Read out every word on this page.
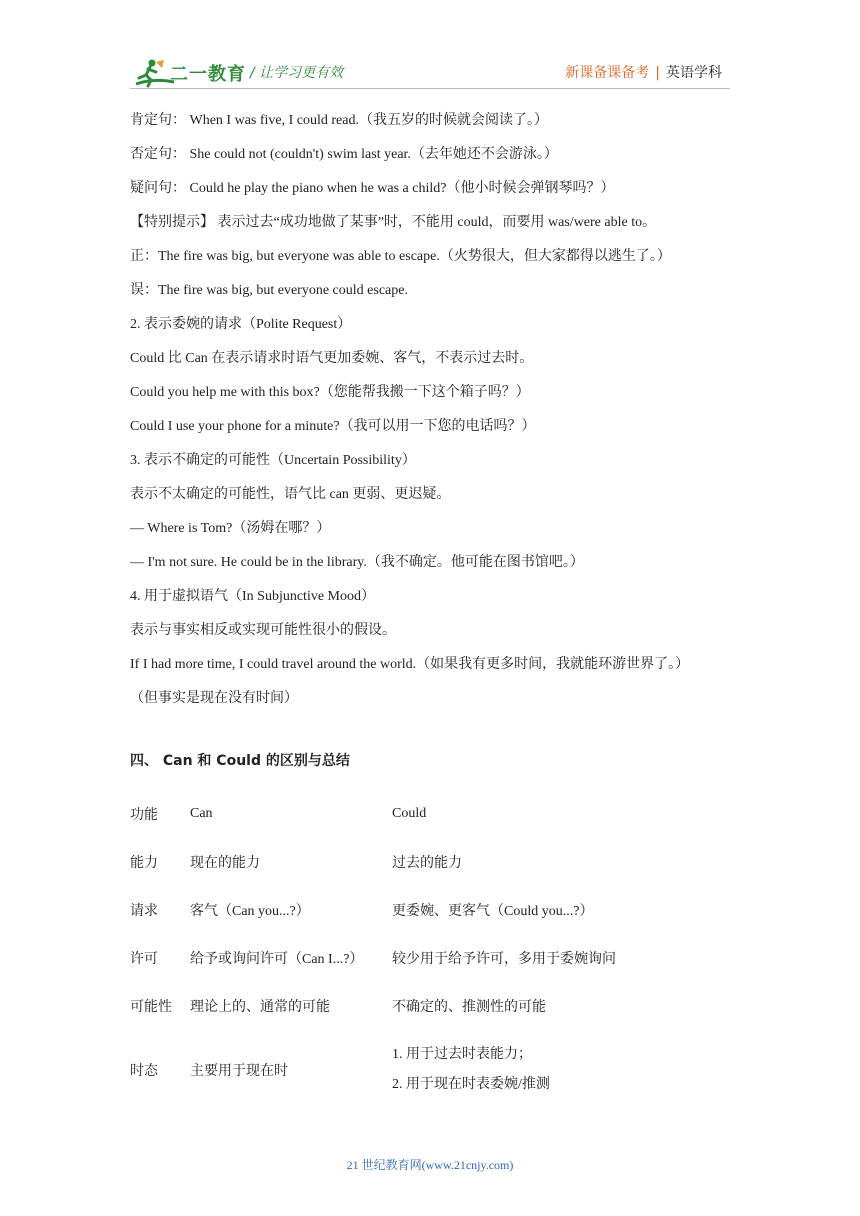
二一教育 / 让学习更有效	新课备课备考 | 英语学科
肯定句： When I was five, I could read.（我五岁的时候就会阅读了。）
否定句： She could not (couldn't) swim last year.（去年她还不会游泳。）
疑问句： Could he play the piano when he was a child?（他小时候会弹钢琴吗？）
【特别提示】 表示过去“成功地做了某事”时，不能用 could，而要用 was/were able to。
正：The fire was big, but everyone was able to escape.（火势很大，但大家都得以逃生了。）
误：The fire was big, but everyone could escape.
2. 表示委婉的请求（Polite Request）
Could 比 Can 在表示请求时语气更加委婉、客气，不表示过去时。
Could you help me with this box?（您能帮我搬一下这个箱子吗？）
Could I use your phone for a minute?（我可以用一下您的电话吗？）
3. 表示不确定的可能性（Uncertain Possibility）
表示不太确定的可能性，语气比 can 更弱、更迟疑。
— Where is Tom?（汤姆在哪？）
— I'm not sure. He could be in the library.（我不确定。他可能在图书馆吧。）
4. 用于虚拟语气（In Subjunctive Mood）
表示与事实相反或实现可能性很小的假设。
If I had more time, I could travel around the world.（如果我有更多时间，我就能环游世界了。）
（但事实是现在没有时间）
四、 Can 和 Could 的区别与总结
功能	Can	Could
能力	现在的能力	过去的能力
请求	客气（Can you...?）	更委婉、更客气（Could you...?）
许可	给予或询问许可（Can I...?）	较少用于给予许可，多用于委婉询问
可能性	理论上的、通常的可能	不确定的、推测性的可能
时态	主要用于现在时	1. 用于过去时表能力；
2. 用于现在时表委婉/推测
21 世纪教育网(www.21cnjy.com)
